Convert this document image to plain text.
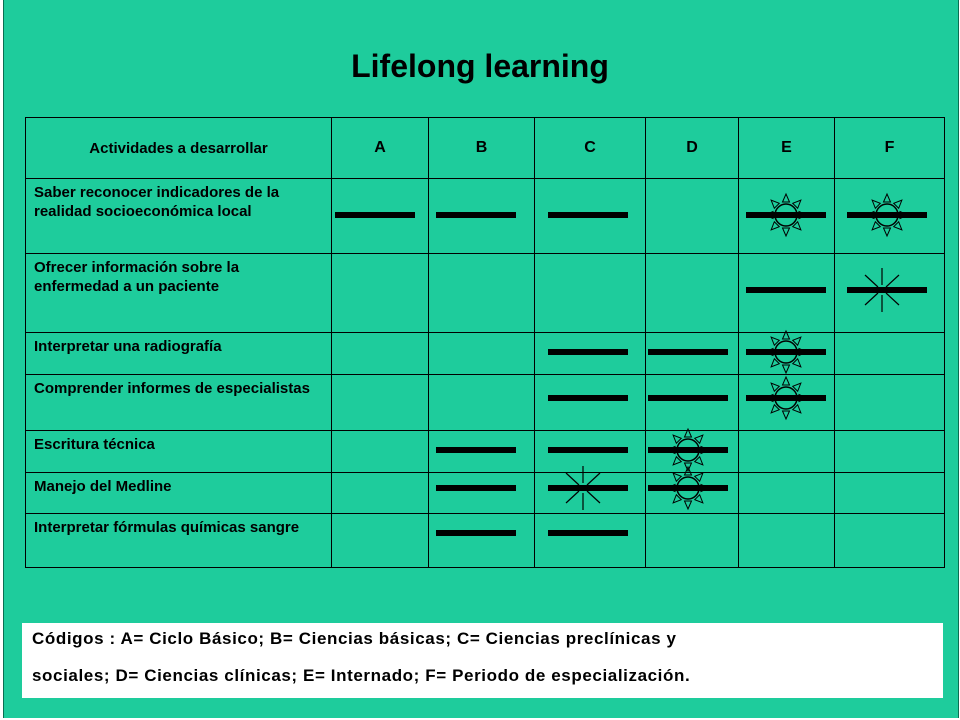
Lifelong learning
Actividades a desarrollar	A	B	C	D	E	F
Saber reconocer indicadores de la realidad socioeconómica local						
Ofrecer información sobre la enfermedad a un paciente						
Interpretar una radiografía						
Comprender informes de especialistas						
Escritura técnica						
Manejo del Medline						
Interpretar fórmulas químicas sangre						

Códigos : A= Ciclo Básico; B= Ciencias básicas; C= Ciencias preclínicas y

sociales; D= Ciencias clínicas; E= Internado; F= Periodo de especialización.
